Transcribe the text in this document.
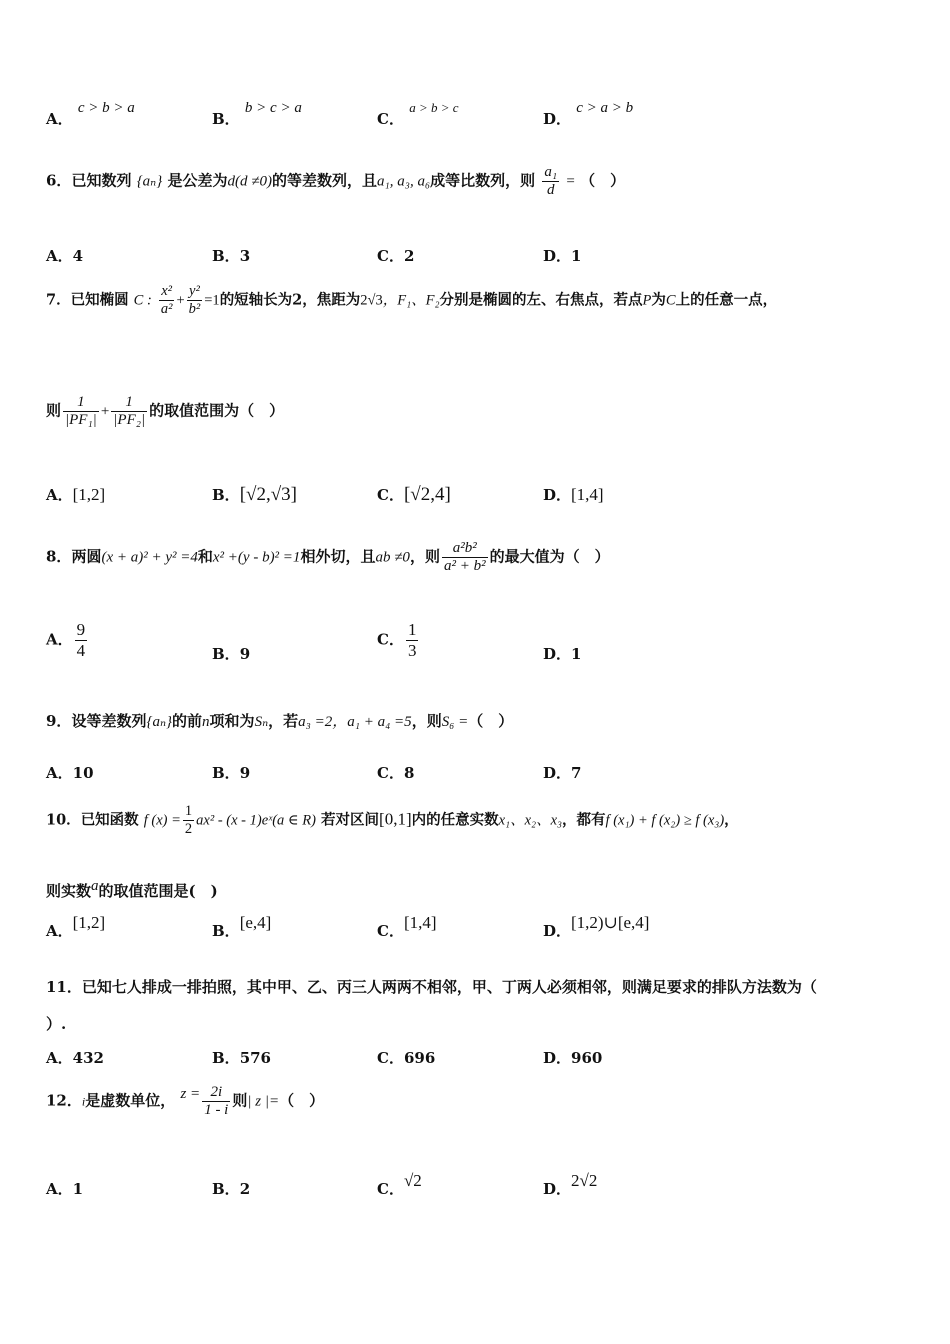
A． c > b > a
B． b > c > a
C． a > b > c
D． c > a > b
6．已知数列 {aₙ} 是公差为d(d ≠0)的等差数列，且a₁, a₃, a₆成等比数列，则 $\frac{\text{a₁}}{d}$ = （　）
A．4	B．3	C．2	D．1
7．已知椭圆 C : $\frac{\text{x²}}{\text{a²}} + \frac{\text{y²}}{\text{b²}} =1$的短轴长为2，焦距为2√3，F₁、F₂分别是椭圆的左、右焦点，若点P为C上的任意一点，
则 $\frac{1}{\text{|PF₁|}} + \frac{1}{\text{|PF₂|}}$ 的取值范围为（　）
A．[1,2]	B．[√2,√3]	C．[√2,4]	D．[1,4]
8．两圆(x + a)² + y² =4和x² +(y - b)² =1相外切，且ab ≠0，则 $\frac{\text{a²b²}}{\text{a² + b²}}$ 的最大值为（　）
A． $\frac{9}{4}$	B．9
C． $\frac{1}{3}$	D．1
9．设等差数列{aₙ}的前n项和为Sₙ，若a₃ =2，a₁ + a₄ =5，则S₆ =（　）
A．10	B．9	C．8	D．7
10．已知函数 f $(x) = \frac{1}{2} ax^2 - (x$ - 1)eˣ(a ∈ R) 若对区间[0,1]内的任意实数x₁、x₂、x₃，都有f (x₁) + f (x₂) ≥ f (x₃)，
则实数a的取值范围是(　)
A．[1,2]	B．[e,4]	C．[1,4]	D．[1,2)∪[e,4]
11．已知七人排成一排拍照，其中甲、乙、丙三人两两不相邻，甲、丁两人必须相邻，则满足要求的排队方法数为（
）.
A．432	B．576	C．696	D．960
12．i是虚数单位， $z = \frac{2i}{1 - i}$ 则| z |=（　）
A．1	B．2	C．√2	D．2√2
